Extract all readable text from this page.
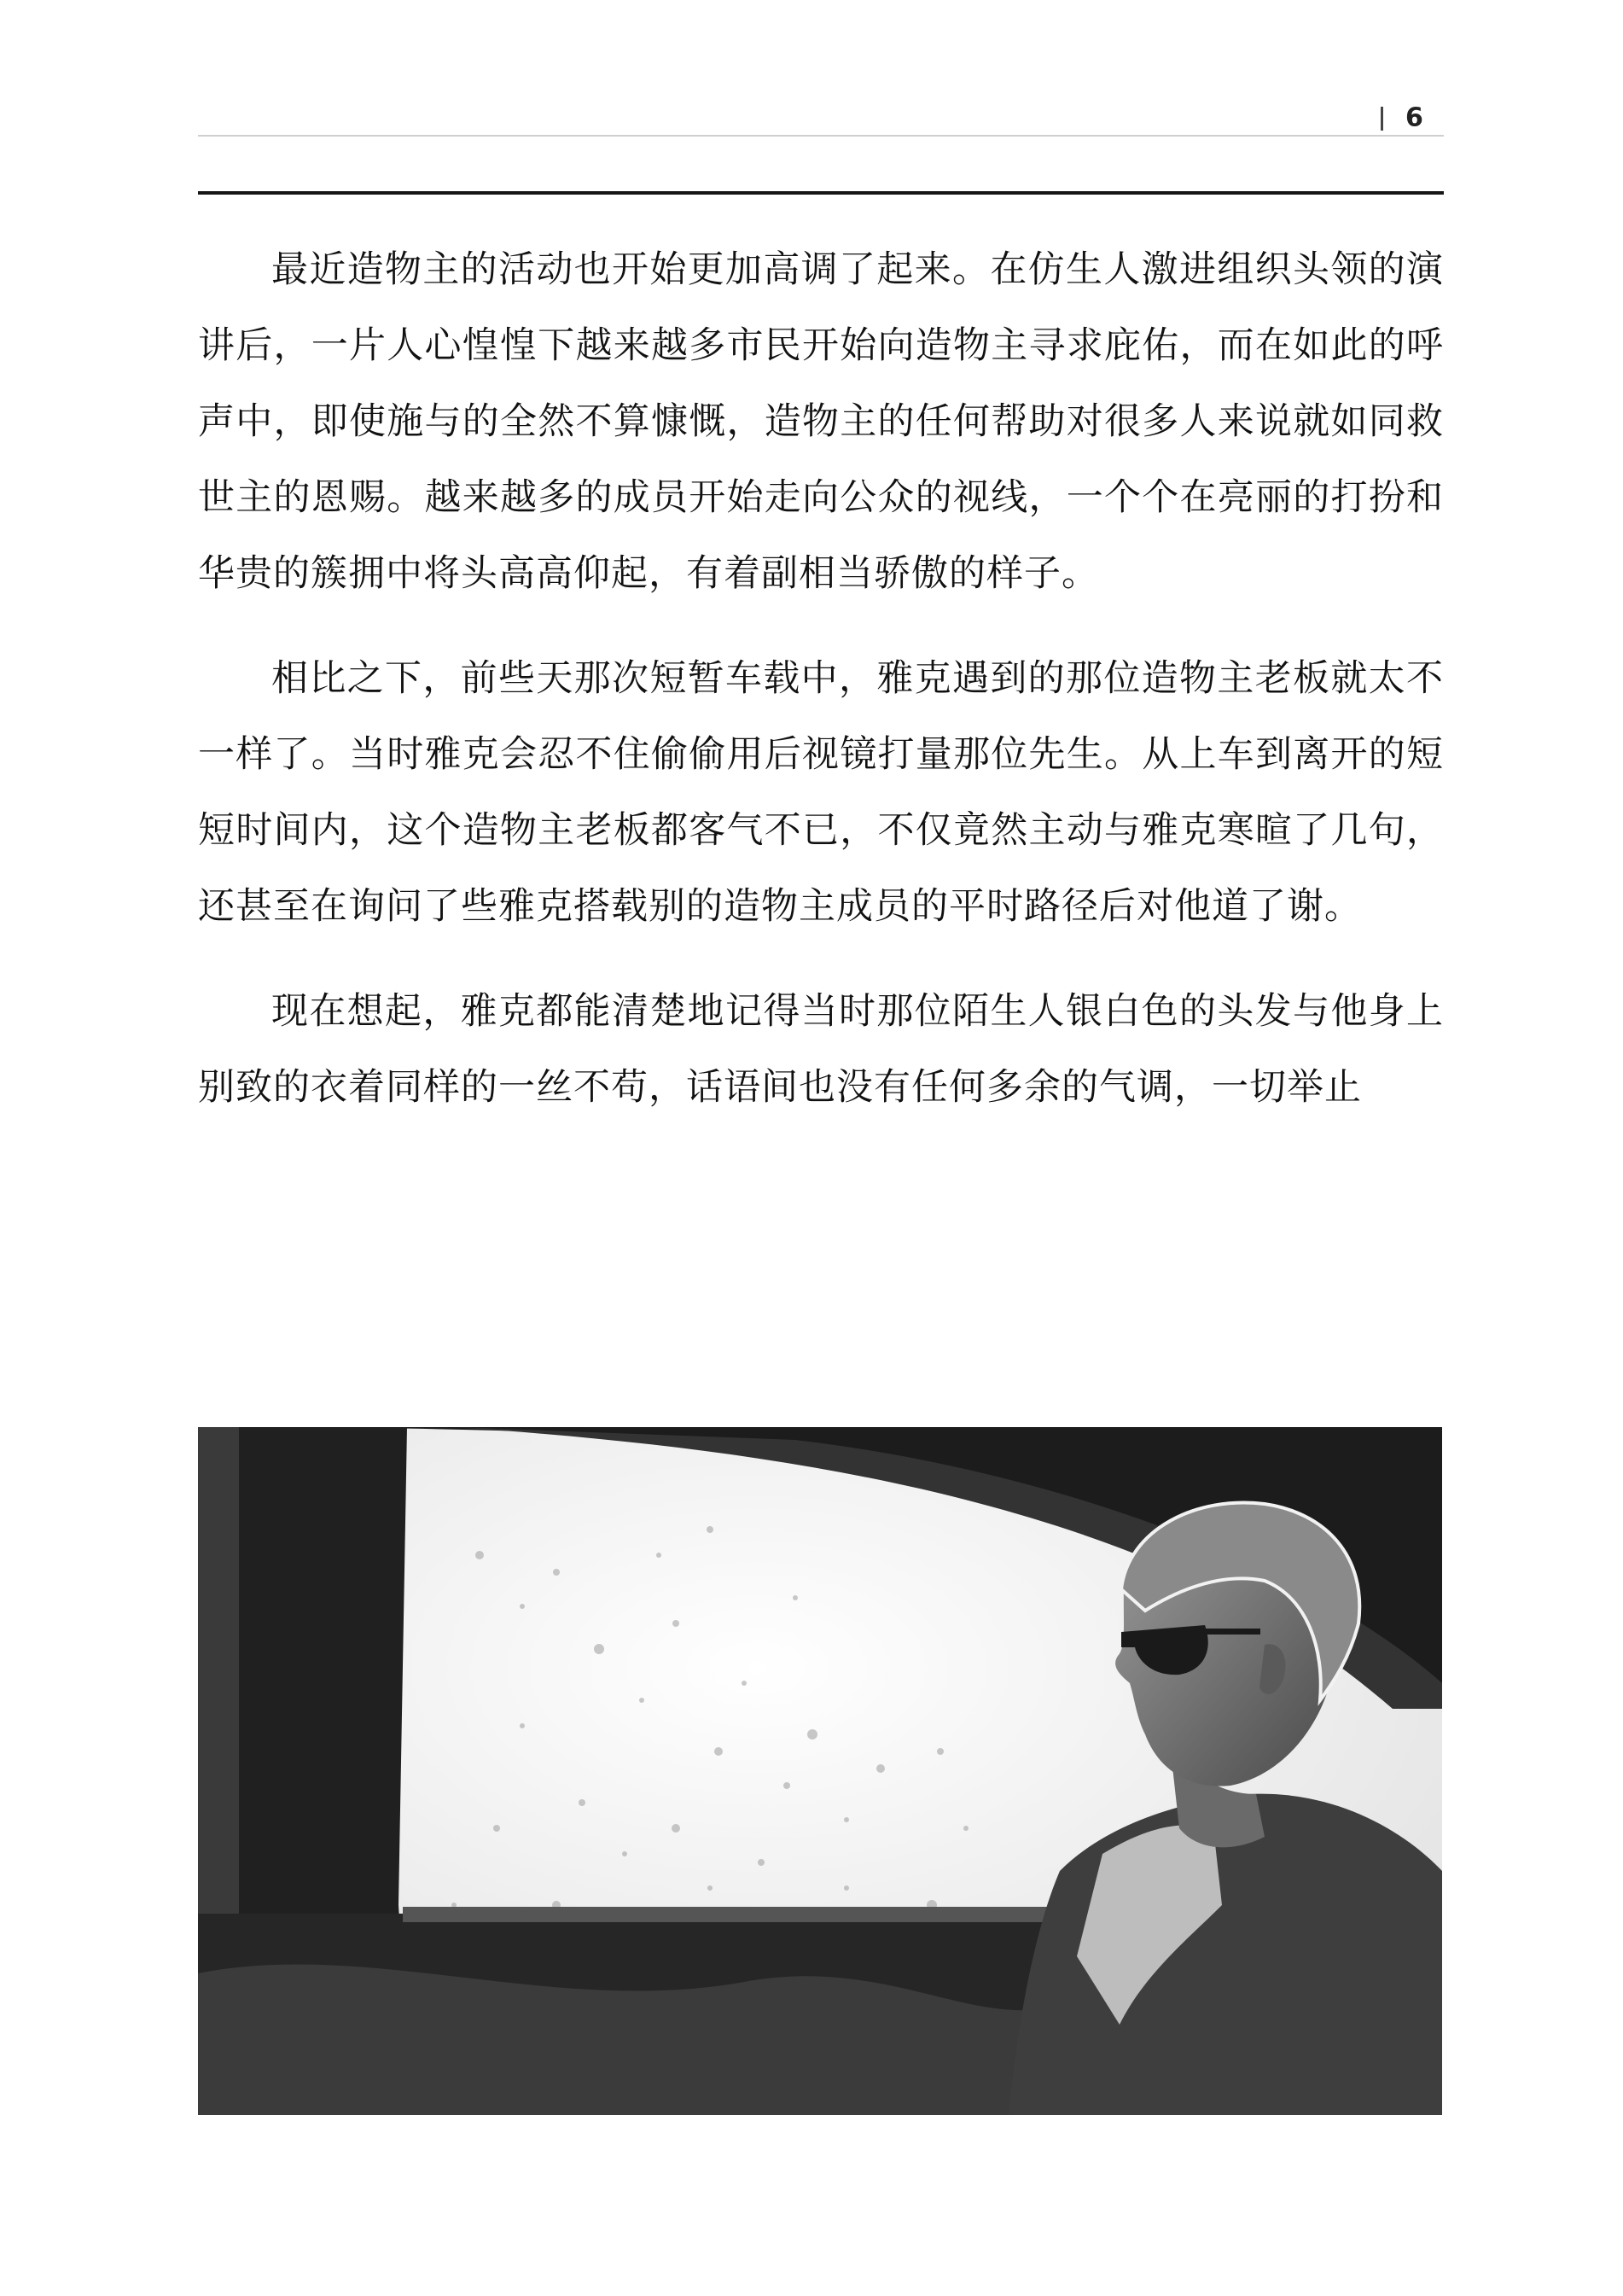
6

最近造物主的活动也开始更加高调了起来。在仿生人激进组织头领的演讲后，一片人心惶惶下越来越多市民开始向造物主寻求庇佑，而在如此的呼声中，即使施与的全然不算慷慨，造物主的任何帮助对很多人来说就如同救世主的恩赐。越来越多的成员开始走向公众的视线，一个个在亮丽的打扮和华贵的簇拥中将头高高仰起，有着副相当骄傲的样子。

相比之下，前些天那次短暂车载中，雅克遇到的那位造物主老板就太不一样了。当时雅克会忍不住偷偷用后视镜打量那位先生。从上车到离开的短短时间内，这个造物主老板都客气不已，不仅竟然主动与雅克寒暄了几句，还甚至在询问了些雅克搭载别的造物主成员的平时路径后对他道了谢。

现在想起，雅克都能清楚地记得当时那位陌生人银白色的头发与他身上别致的衣着同样的一丝不苟，话语间也没有任何多余的气调，一切举止
